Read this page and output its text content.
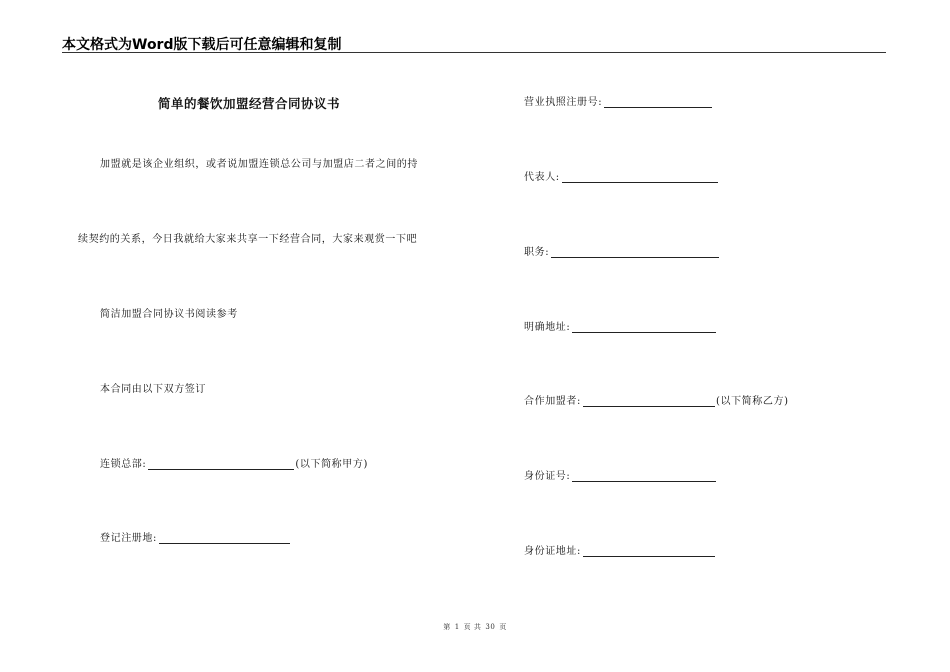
本文格式为Word版下载后可任意编辑和复制
简单的餐饮加盟经营合同协议书
加盟就是该企业组织，或者说加盟连锁总公司与加盟店二者之间的持
续契约的关系，今日我就给大家来共享一下经营合同，大家来观赏一下吧
简洁加盟合同协议书阅读参考
本合同由以下双方签订
连锁总部:	(以下简称甲方)
登记注册地:
营业执照注册号:
代表人:
职务:
明确地址:
合作加盟者:	(以下简称乙方)
身份证号:
身份证地址:
第 1 页 共 30 页
